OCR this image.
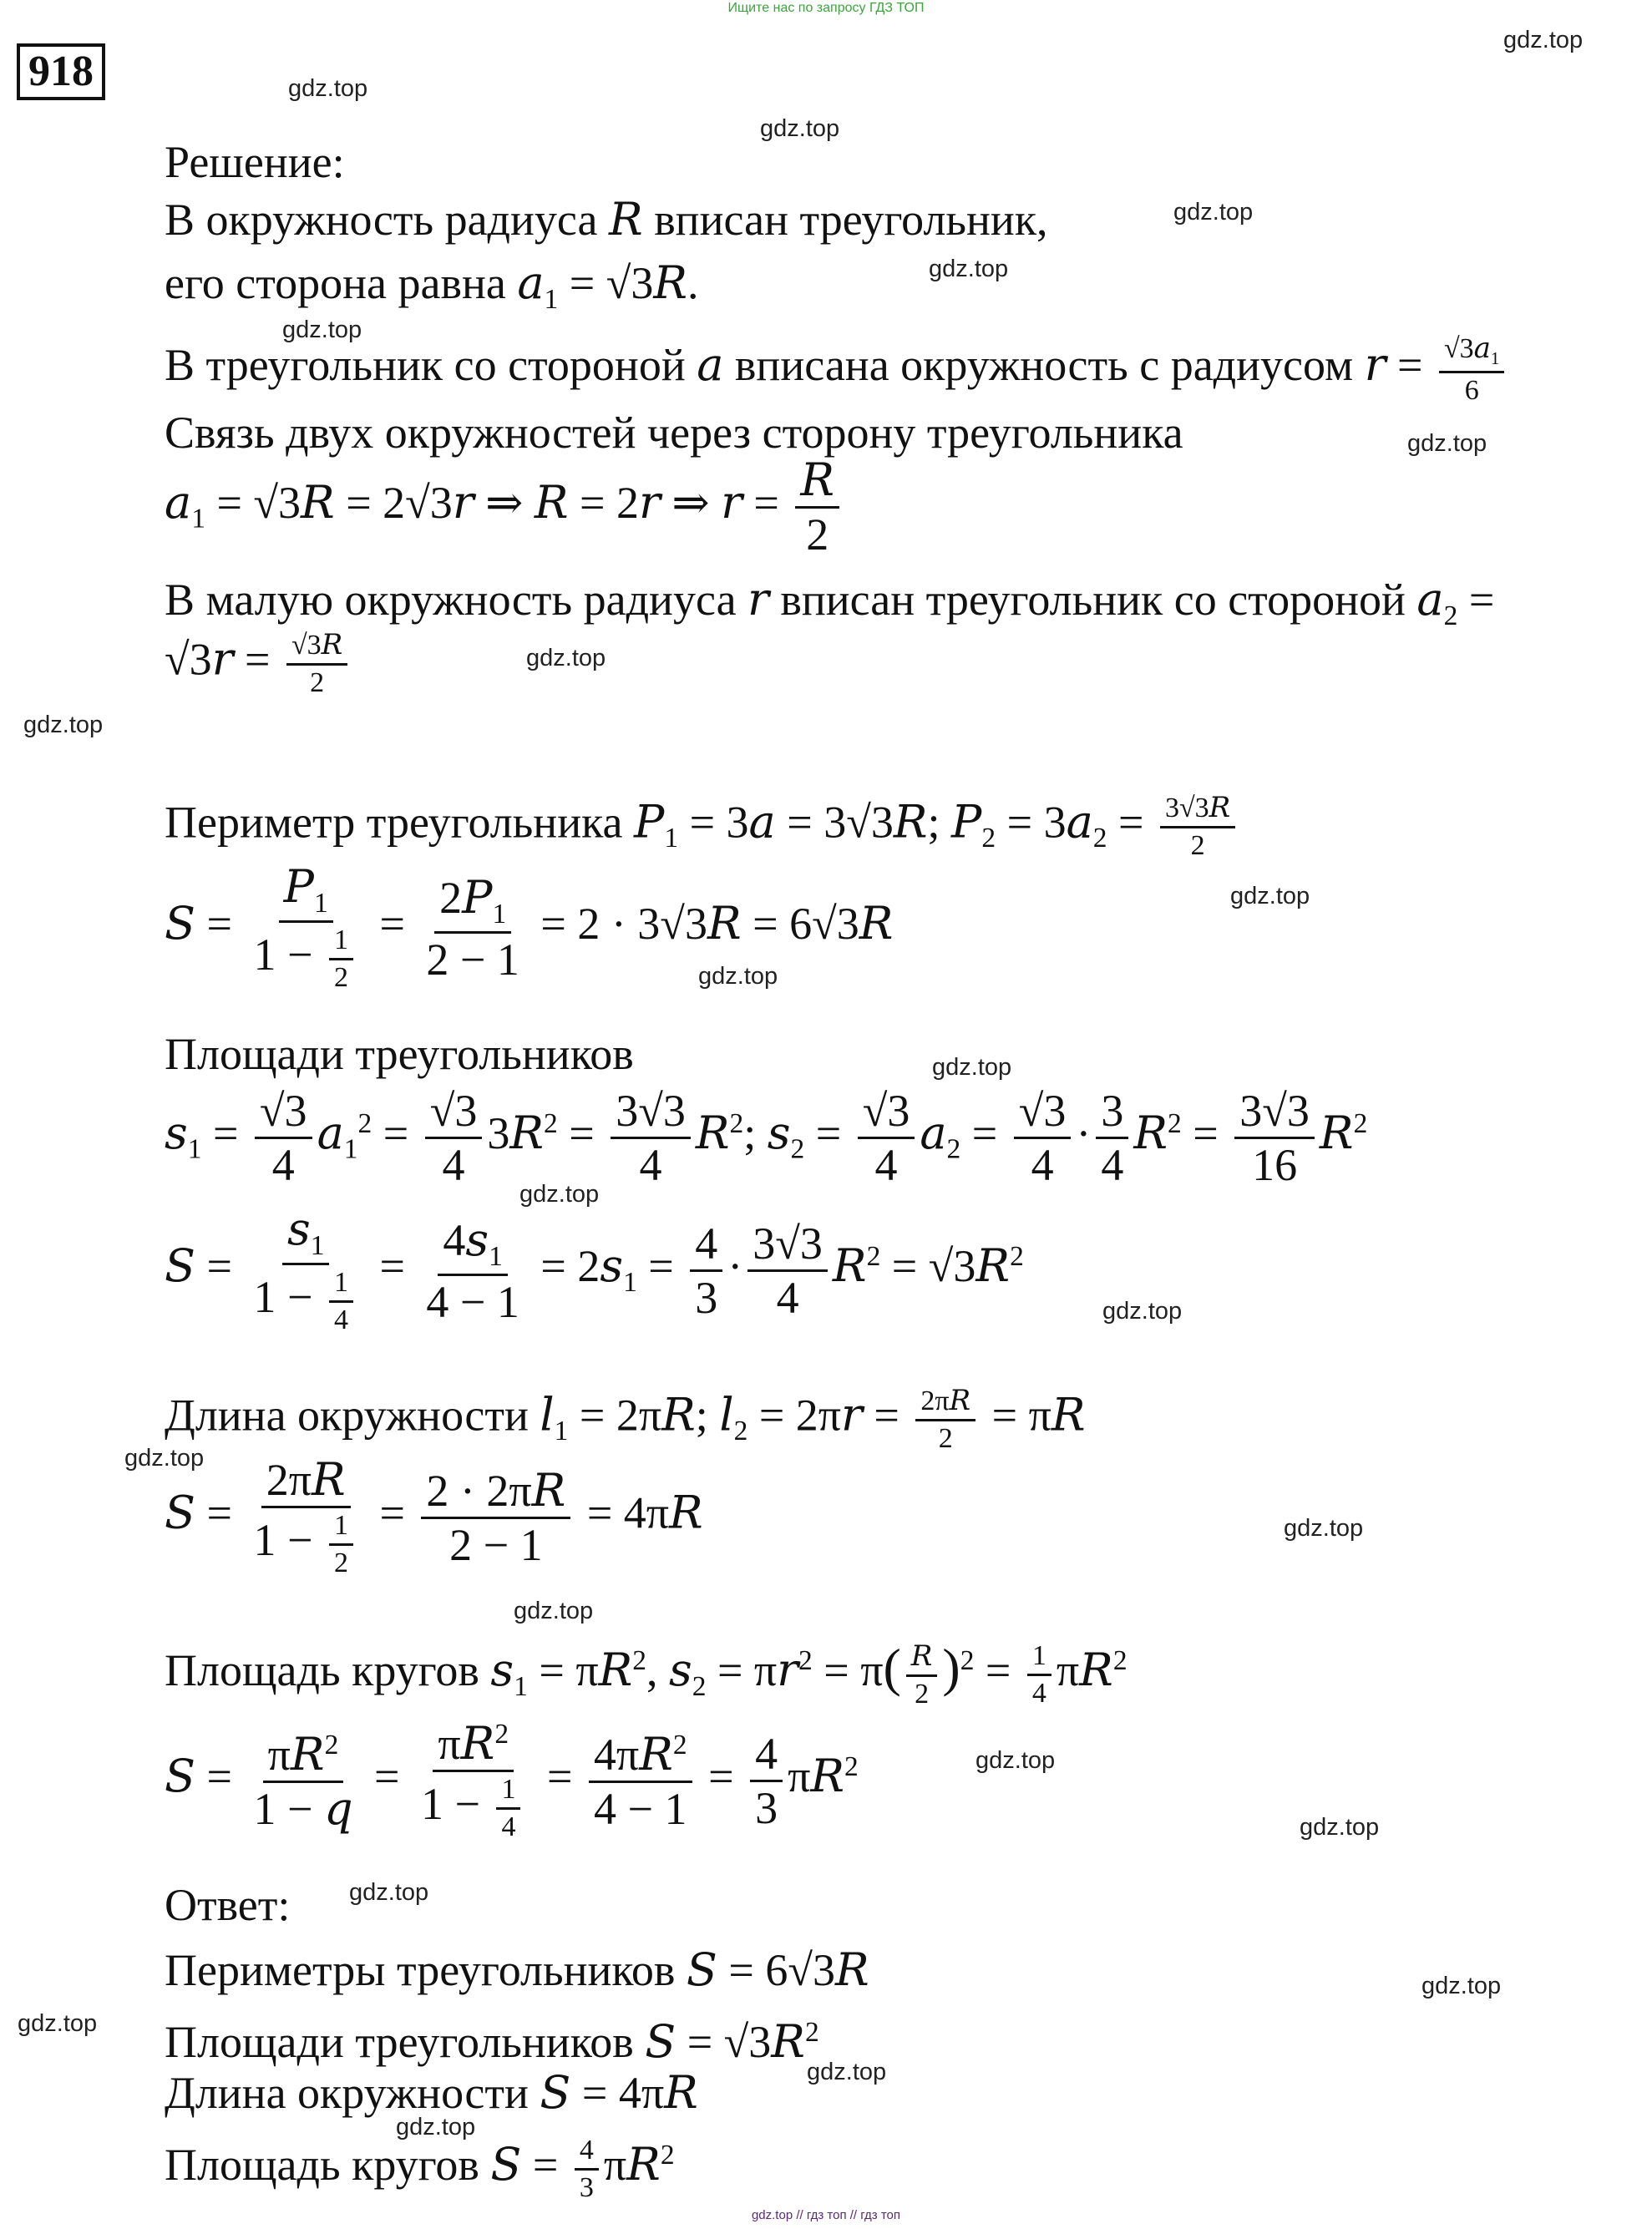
Ищите нас по запросу ГДЗ ТОП
918
gdz.top
gdz.top
gdz.top
gdz.top
gdz.top
gdz.top
gdz.top
gdz.top
gdz.top
gdz.top
gdz.top
gdz.top
gdz.top
gdz.top
gdz.top
gdz.top
gdz.top
gdz.top
gdz.top
gdz.top
gdz.top
gdz.top
gdz.top
gdz.top
Решение:
В окружность радиуса R вписан треугольник,
его сторона равна $a_1 = √3R$.
В треугольник со стороной a вписана окружность с радиусом $r = \frac{√3a_1}{6}$
Связь двух окружностей через сторону треугольника
$a_1 = √3R = 2√3r$ ⇒ R = 2r ⇒ $r = \frac{R}{2}$
В малую окружность радиуса r вписан треугольник со стороной $a_2$ =
$√3r = \frac{√3R}{2}$
Периметр треугольника $P_1 = 3a = 3√3R$; $P_2 = 3a_2 = \frac{3√3R}{2}$
$S = \frac{P_1}{1 - \frac{1}{2}} = \frac{2P_1}{2 - 1} = 2 \cdot 3√3R = 6√3R$
Площади треугольников
$s_1 = \frac{√3}{4} a_1^2 = \frac{√3}{4} 3R^2 = \frac{3√3}{4} R^2$; $s_2 = \frac{√3}{4} a_2 = \frac{√3}{4} \cdot \frac{3}{4} R^2 = \frac{3√3}{16} R^2$
$S = \frac{s_1}{1 - \frac{1}{4}} = \frac{4s_1}{4 - 1} = 2s_1 = \frac{4}{3} \cdot \frac{3√3}{4} R^2 = √3R^2$
Длина окружности $l_1 = 2\pi R$; $l_2 = 2\pi r = \frac{2\pi R}{2} = \pi R$
$S = \frac{2\pi R}{1 - \frac{1}{2}} = \frac{2 \cdot 2\pi R}{2 - 1} = 4\pi R$
Площадь кругов $s_1 = \pi R^2$, $s_2 = \pi r^2 = \pi( \frac{R}{2} )^2 = \frac{1}{4} \pi R^2$
$S = \frac{\pi R^2}{1 - q} = \frac{\pi R^2}{1 - \frac{1}{4}} = \frac{4\pi R^2}{4 - 1} = \frac{4}{3} \pi R^2$
Ответ:
Периметры треугольников S = 6√3R
Площади треугольников $S = √3R^2$
Длина окружности S = 4πR
Площадь кругов $S = \frac{4}{3} \pi R^2$
gdz.top // гдз топ // гдз топ
